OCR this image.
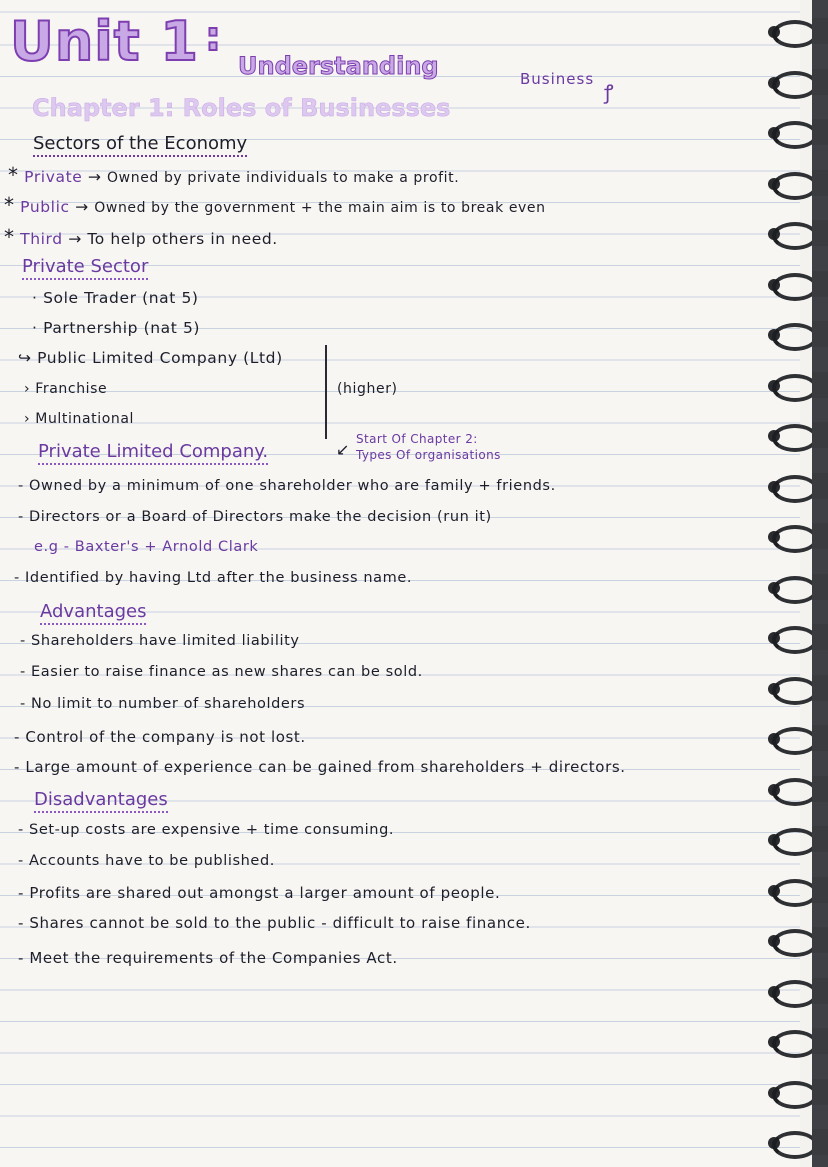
Unit 1 :
Understanding	Business
ꝭ
Chapter 1: Roles of Businesses
Sectors of the Economy
* Private → Owned by private individuals to make a profit.
* Public → Owned by the government + the main aim is to break even
* Third → To help others in need.
Private Sector
· Sole Trader (nat 5)
· Partnership (nat 5)
↪ Public Limited Company (Ltd)
› Franchise
› Multinational
(higher)
Private Limited Company.	↙
Start Of Chapter 2:
Types Of organisations
- Owned by a minimum of one shareholder who are family + friends.
- Directors or a Board of Directors make the decision (run it)
e.g - Baxter's + Arnold Clark
- Identified by having Ltd after the business name.
Advantages
- Shareholders have limited liability
- Easier to raise finance as new shares can be sold.
- No limit to number of shareholders
- Control of the company is not lost.
- Large amount of experience can be gained from shareholders + directors.
Disadvantages
- Set-up costs are expensive + time consuming.
- Accounts have to be published.
- Profits are shared out amongst a larger amount of people.
- Shares cannot be sold to the public - difficult to raise finance.
- Meet the requirements of the Companies Act.
